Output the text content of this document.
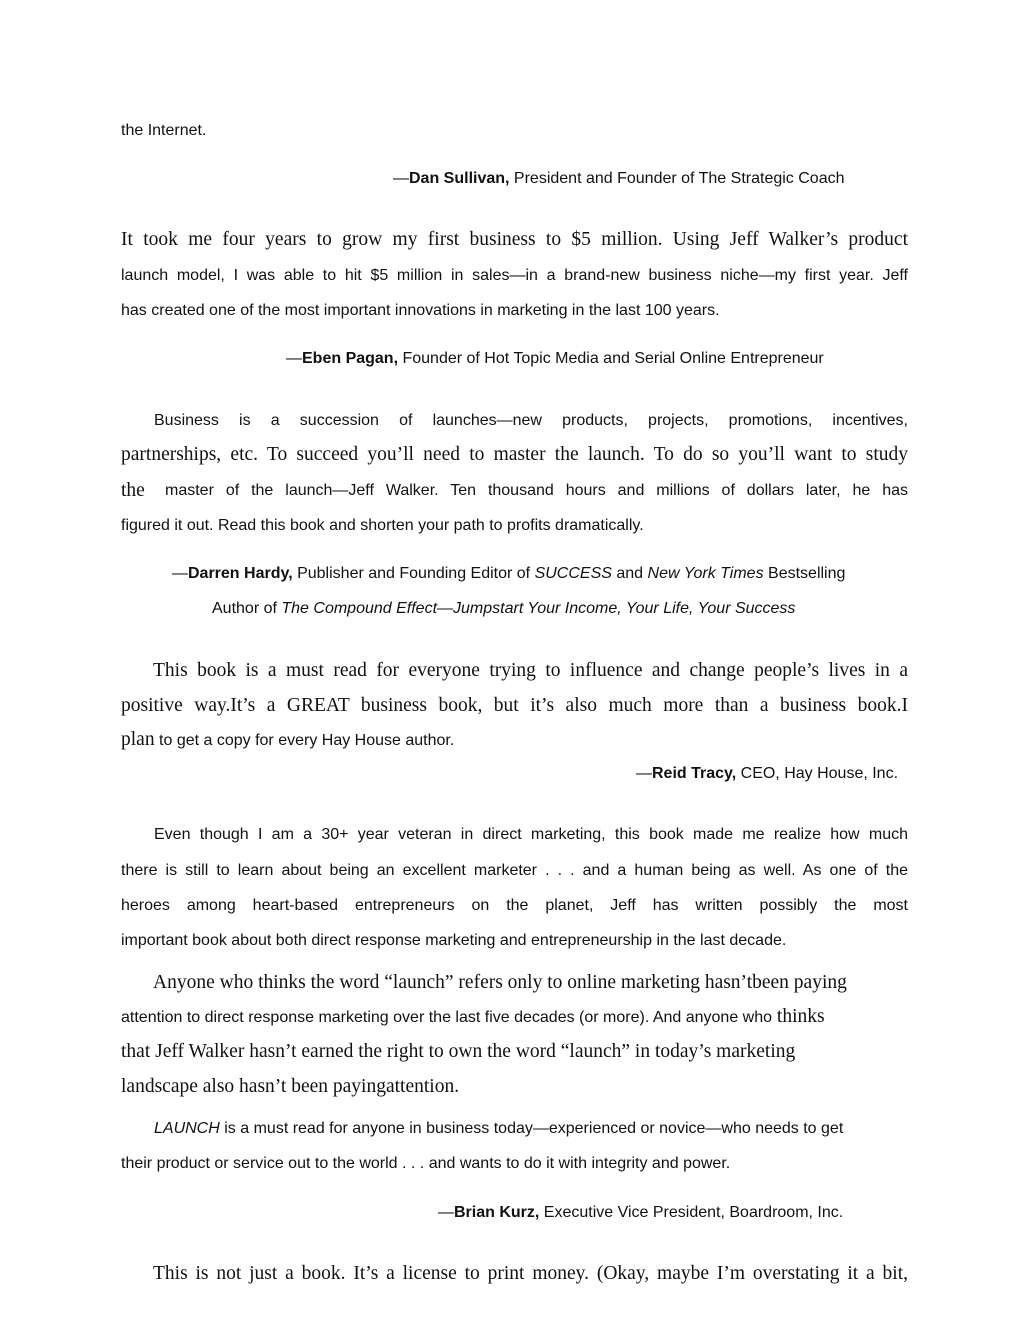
the Internet.

—Dan Sullivan, President and Founder of The Strategic Coach

It took me four years to grow my first business to $5 million. Using Jeff Walker’s product

launch model, I was able to hit $5 million in sales—in a brand-new business niche—my first year. Jeff

has created one of the most important innovations in marketing in the last 100 years.

—Eben Pagan, Founder of Hot Topic Media and Serial Online Entrepreneur

Business is a succession of launches—new products, projects, promotions, incentives,

partnerships, etc. To succeed you’ll need to master the launch. To do so you’ll want to study

the master of the launch—Jeff Walker. Ten thousand hours and millions of dollars later, he has

figured it out. Read this book and shorten your path to profits dramatically.

—Darren Hardy, Publisher and Founding Editor of SUCCESS and New York Times Bestselling

Author of The Compound Effect—Jumpstart Your Income, Your Life, Your Success

This book is a must read for everyone trying to influence and change people’s lives in a

positive way.It’s a GREAT business book, but it’s also much more than a business book.I

plan to get a copy for every Hay House author.

—Reid Tracy, CEO, Hay House, Inc.

Even though I am a 30+ year veteran in direct marketing, this book made me realize how much

there is still to learn about being an excellent marketer . . . and a human being as well. As one of the

heroes among heart-based entrepreneurs on the planet, Jeff has written possibly the most

important book about both direct response marketing and entrepreneurship in the last decade.

Anyone who thinks the word “launch” refers only to online marketing hasn’tbeen paying

attention to direct response marketing over the last five decades (or more). And anyone who thinks

that Jeff Walker hasn’t earned the right to own the word “launch” in today’s marketing

landscape also hasn’t been payingattention.

LAUNCH is a must read for anyone in business today—experienced or novice—who needs to get

their product or service out to the world . . . and wants to do it with integrity and power.

—Brian Kurz, Executive Vice President, Boardroom, Inc.

This is not just a book. It’s a license to print money. (Okay, maybe I’m overstating it a bit,
